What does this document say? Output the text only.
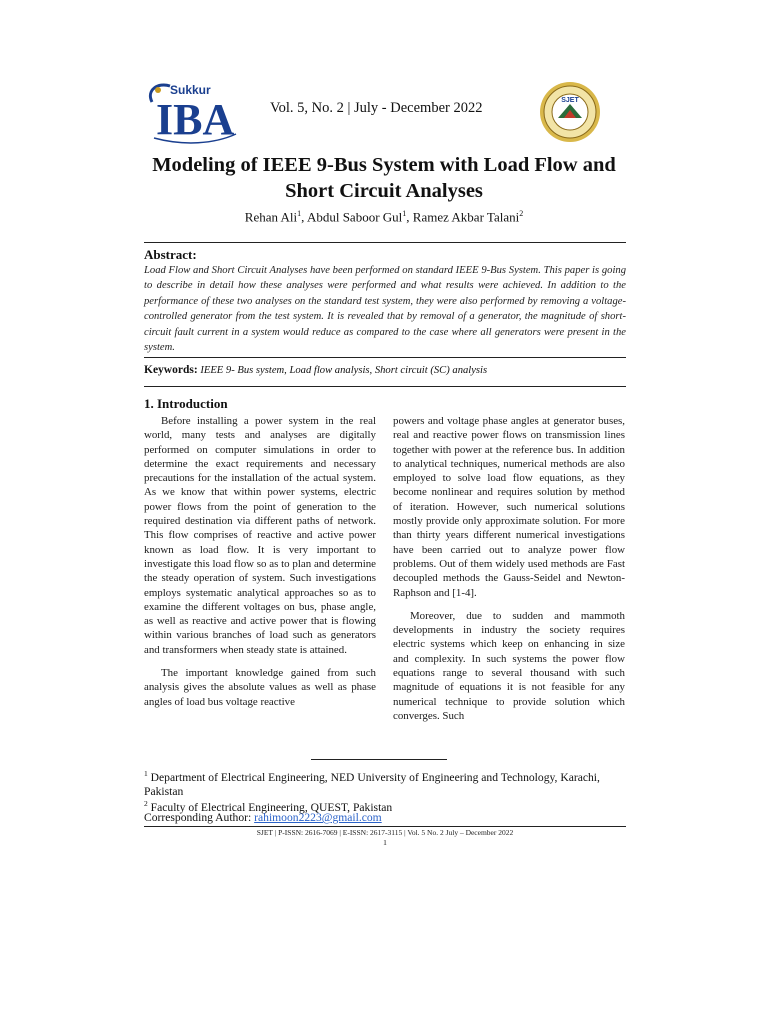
Sukkur
IBA Vol. 5, No. 2 | July - December 2022	SJET
Modeling of IEEE 9-Bus System with Load Flow and
Short Circuit Analyses
Rehan Ali$^1$, Abdul Saboor Gul$^1$, Ramez Akbar Talani$^2$
Abstract:
Load Flow and Short Circuit Analyses have been performed on standard IEEE 9-Bus System. This paper is going to describe in detail how these analyses were performed and what results were achieved. In addition to the performance of these two analyses on the standard test system, they were also performed by removing a voltage- controlled generator from the test system. It is revealed that by removal of a generator, the magnitude of short- circuit fault current in a system would reduce as compared to the case where all generators were present in the system.
Keywords: IEEE 9- Bus system, Load flow analysis, Short circuit (SC) analysis
1. Introduction

Before installing a power system in the real world, many tests and analyses are digitally performed on computer simulations in order to determine the exact requirements and necessary precautions for the installation of the actual system. As we know that within power systems, electric power flows from the point of generation to the required destination via different paths of network. This flow comprises of reactive and active power known as load flow. It is very important to investigate this load flow so as to plan and determine the steady operation of system. Such investigations employs systematic analytical approaches so as to examine the different voltages on bus, phase angle, as well as reactive and active power that is flowing within various branches of load such as generators and transformers when steady state is attained.

The important knowledge gained from such analysis gives the absolute values as well as phase angles of load bus voltage reactive

powers and voltage phase angles at generator buses, real and reactive power flows on transmission lines together with power at the reference bus. In addition to analytical techniques, numerical methods are also employed to solve load flow equations, as they become nonlinear and requires solution by method of iteration. However, such numerical solutions mostly provide only approximate solution. For more than thirty years different numerical investigations have been carried out to analyze power flow problems. Out of them widely used methods are Fast decoupled methods the Gauss-Seidel and Newton-Raphson and [1-4].

Moreover, due to sudden and mammoth developments in industry the society requires electric systems which keep on enhancing in size and complexity. In such systems the power flow equations range to several thousand with such magnitude of equations it is not feasible for any numerical technique to provide solution which converges. Such

$^1$ Department of Electrical Engineering, NED University of Engineering and Technology, Karachi, Pakistan
$^2$ Faculty of Electrical Engineering, QUEST, Pakistan
Corresponding Author: rahimoon2223@gmail.com
SJET | P-ISSN: 2616-7069 | E-ISSN: 2617-3115 | Vol. 5 No. 2 July – December 2022
1
